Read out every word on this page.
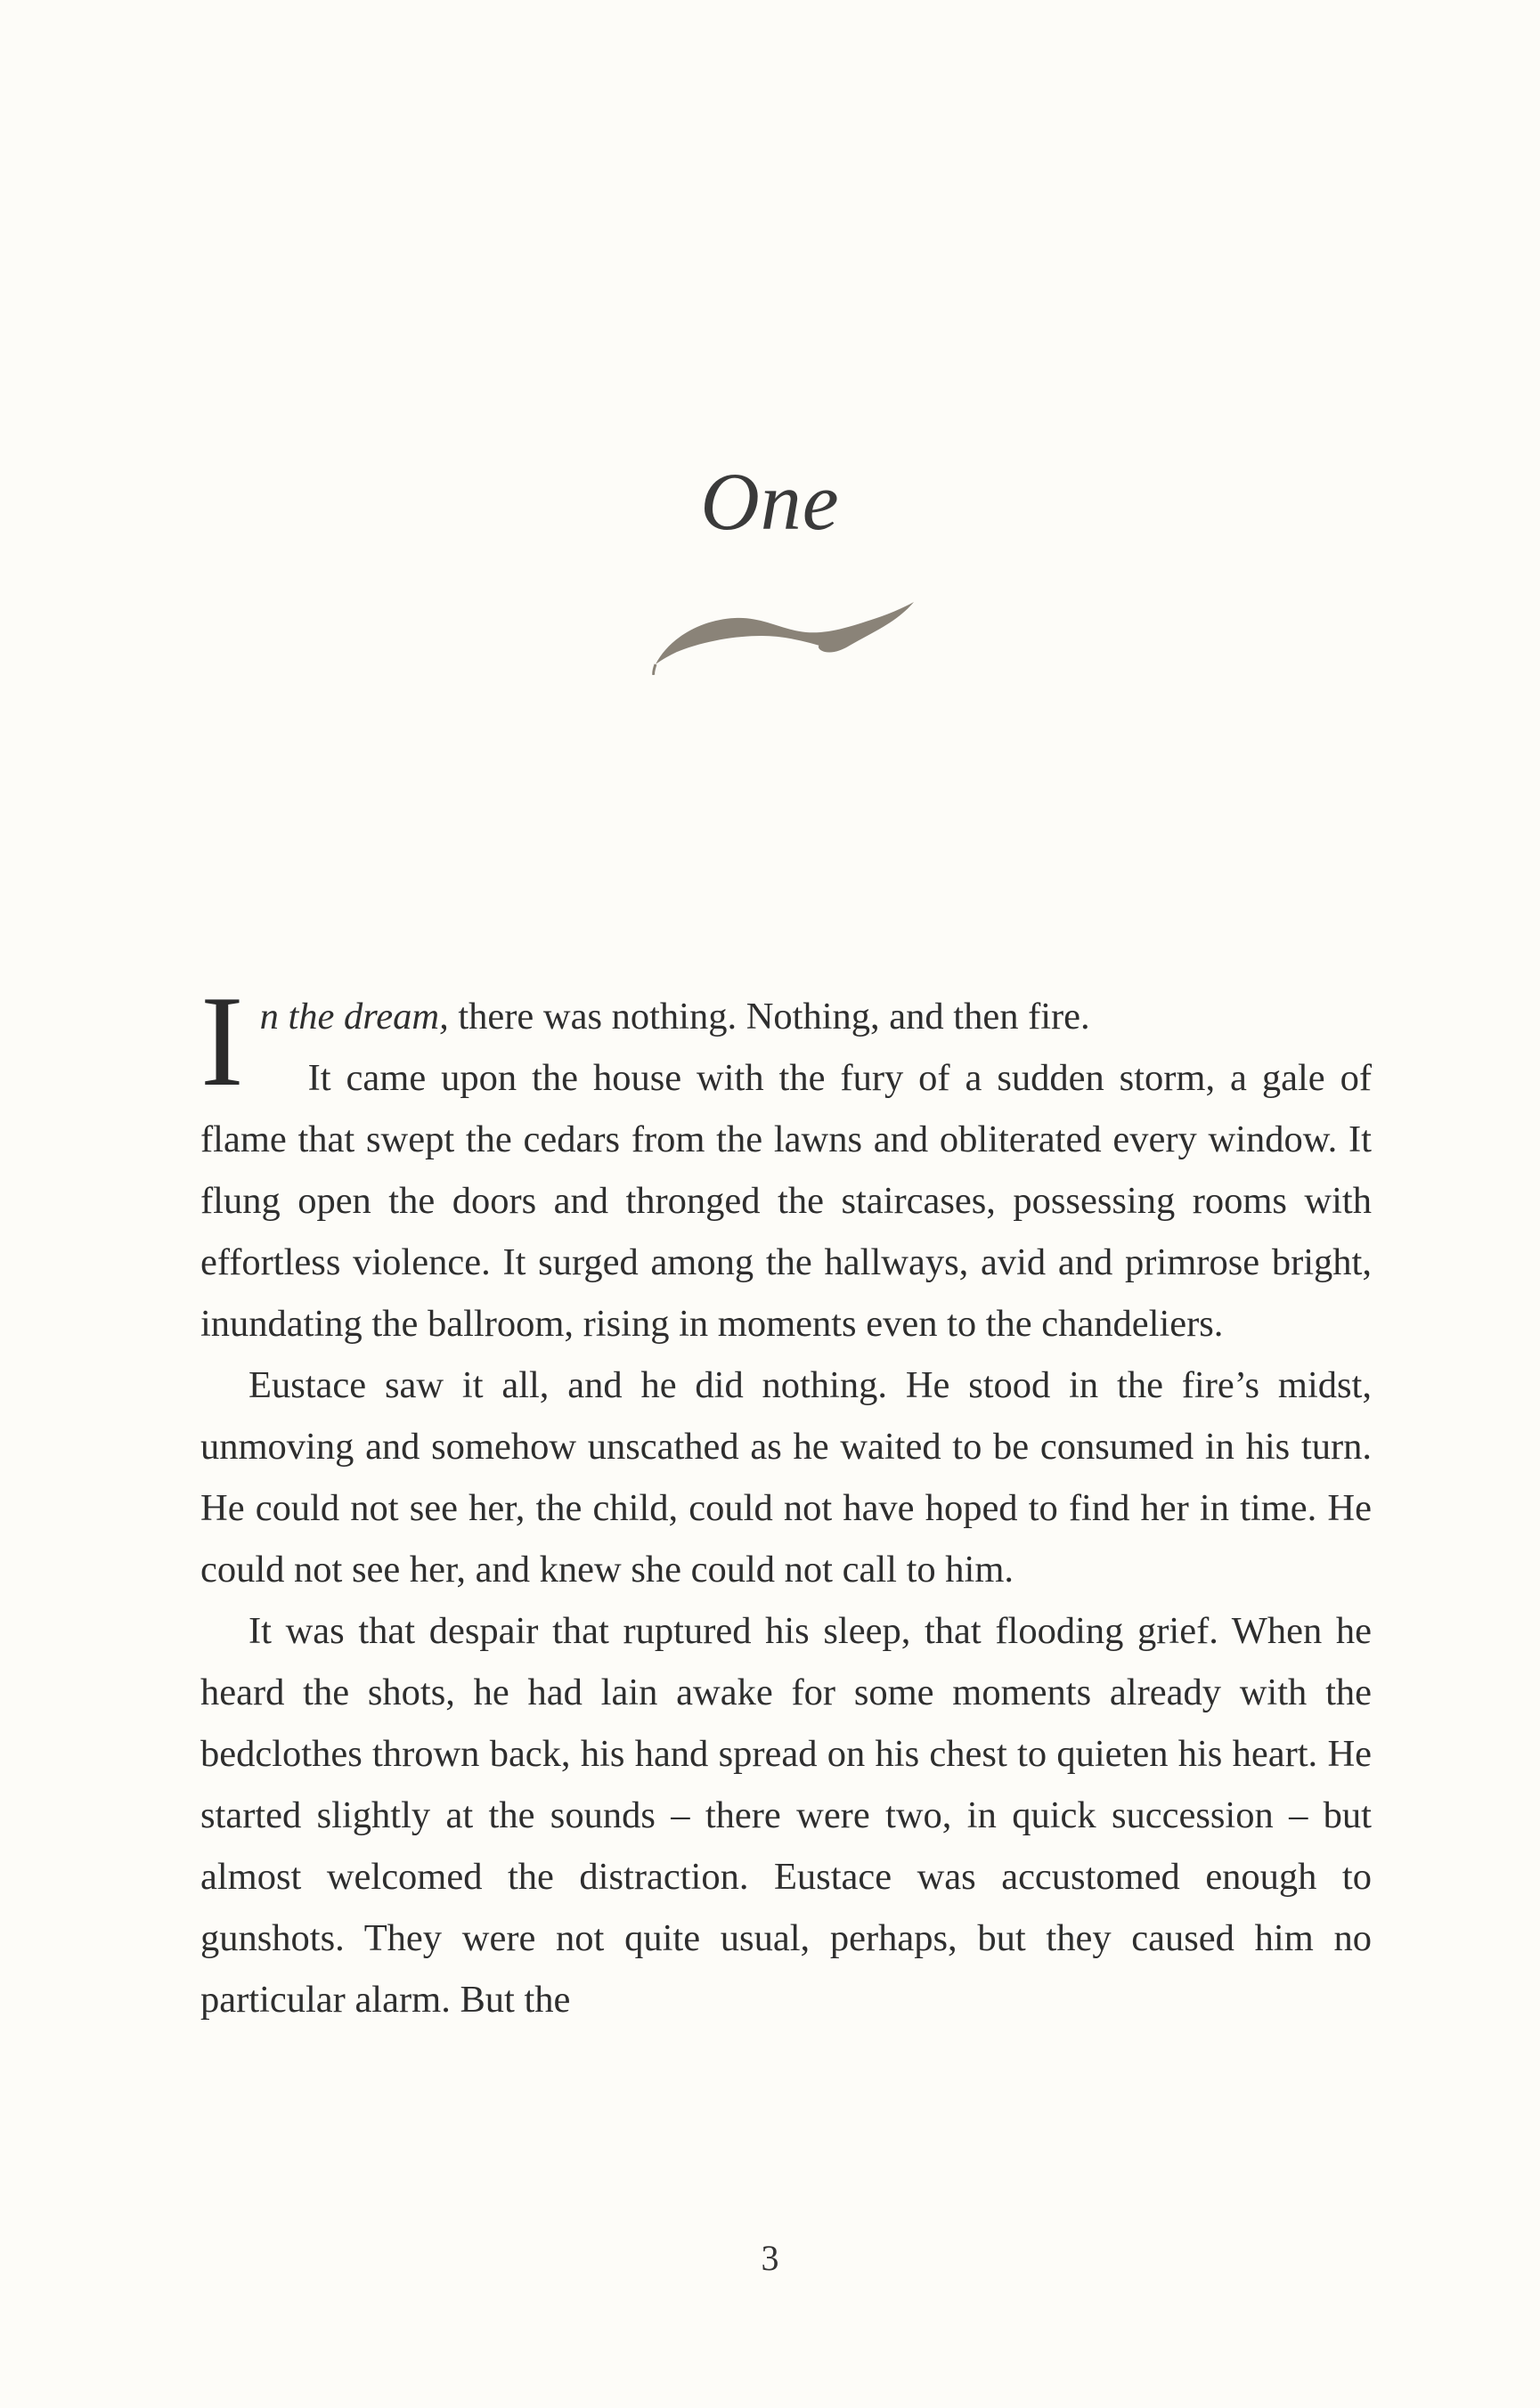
One

In the dream, there was nothing. Nothing, and then fire.

It came upon the house with the fury of a sudden storm, a gale of flame that swept the cedars from the lawns and obliterated every window. It flung open the doors and thronged the staircases, possessing rooms with effortless violence. It surged among the hallways, avid and primrose bright, inundating the ballroom, rising in moments even to the chandeliers.

Eustace saw it all, and he did nothing. He stood in the fire’s midst, unmoving and somehow unscathed as he waited to be consumed in his turn. He could not see her, the child, could not have hoped to find her in time. He could not see her, and knew she could not call to him.

It was that despair that ruptured his sleep, that flooding grief. When he heard the shots, he had lain awake for some moments already with the bedclothes thrown back, his hand spread on his chest to quieten his heart. He started slightly at the sounds – there were two, in quick succession – but almost welcomed the distraction. Eustace was accustomed enough to gunshots. They were not quite usual, perhaps, but they caused him no particular alarm. But the

3
